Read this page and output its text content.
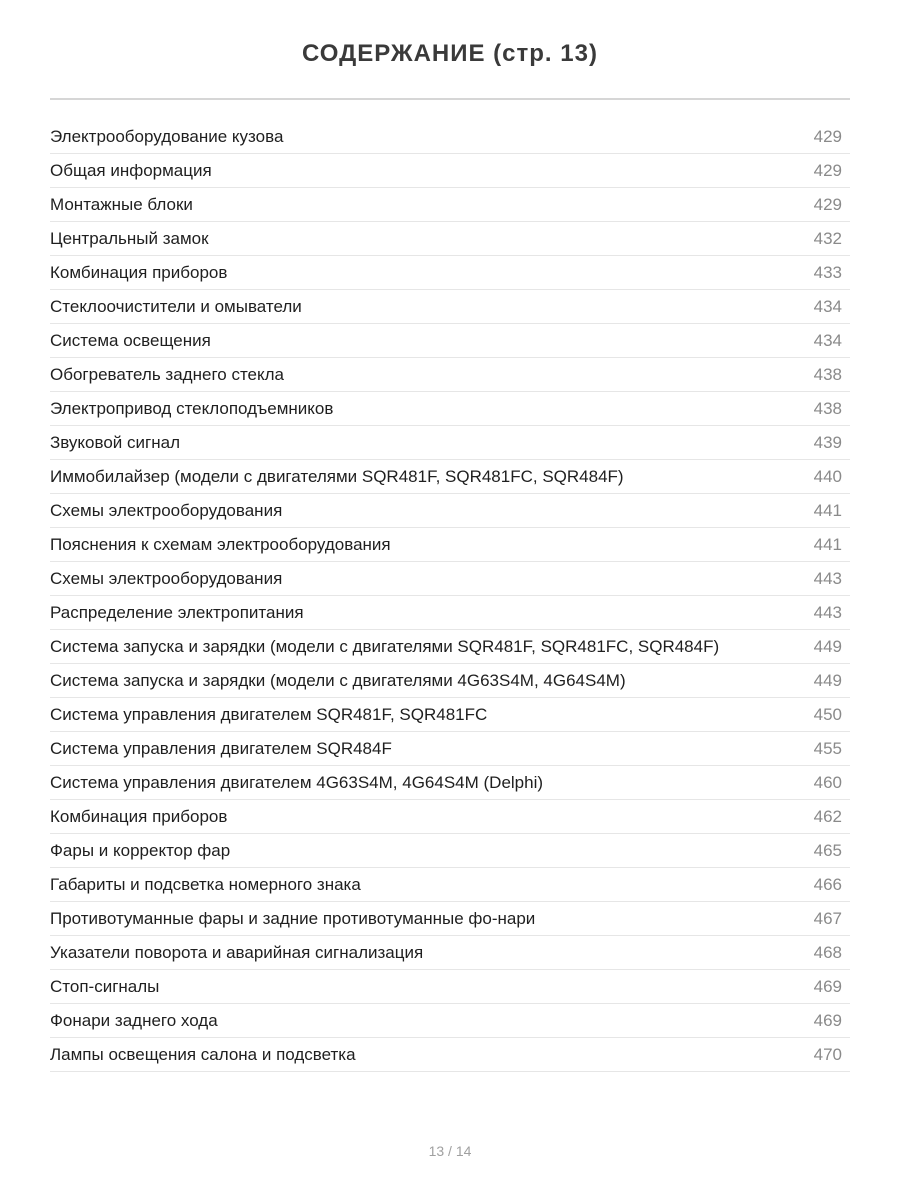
СОДЕРЖАНИЕ (стр. 13)
Электрооборудование кузова	429
Общая информация	429
Монтажные блоки	429
Центральный замок	432
Комбинация приборов	433
Стеклоочистители и омыватели	434
Система освещения	434
Обогреватель заднего стекла	438
Электропривод стеклоподъемников	438
Звуковой сигнал	439
Иммобилайзер (модели с двигателями SQR481F, SQR481FC, SQR484F)	440
Схемы электрооборудования	441
Пояснения к схемам электрооборудования	441
Схемы электрооборудования	443
Распределение электропитания	443
Система запуска и зарядки (модели с двигателями SQR481F, SQR481FC, SQR484F)	449
Система запуска и зарядки (модели с двигателями 4G63S4M, 4G64S4M)	449
Система управления двигателем SQR481F, SQR481FC	450
Система управления двигателем SQR484F	455
Система управления двигателем 4G63S4M, 4G64S4M (Delphi)	460
Комбинация приборов	462
Фары и корректор фар	465
Габариты и подсветка номерного знака	466
Противотуманные фары и задние противотуманные фо-нари	467
Указатели поворота и аварийная сигнализация	468
Стоп-сигналы	469
Фонари заднего хода	469
Лампы освещения салона и подсветка	470
13 / 14
